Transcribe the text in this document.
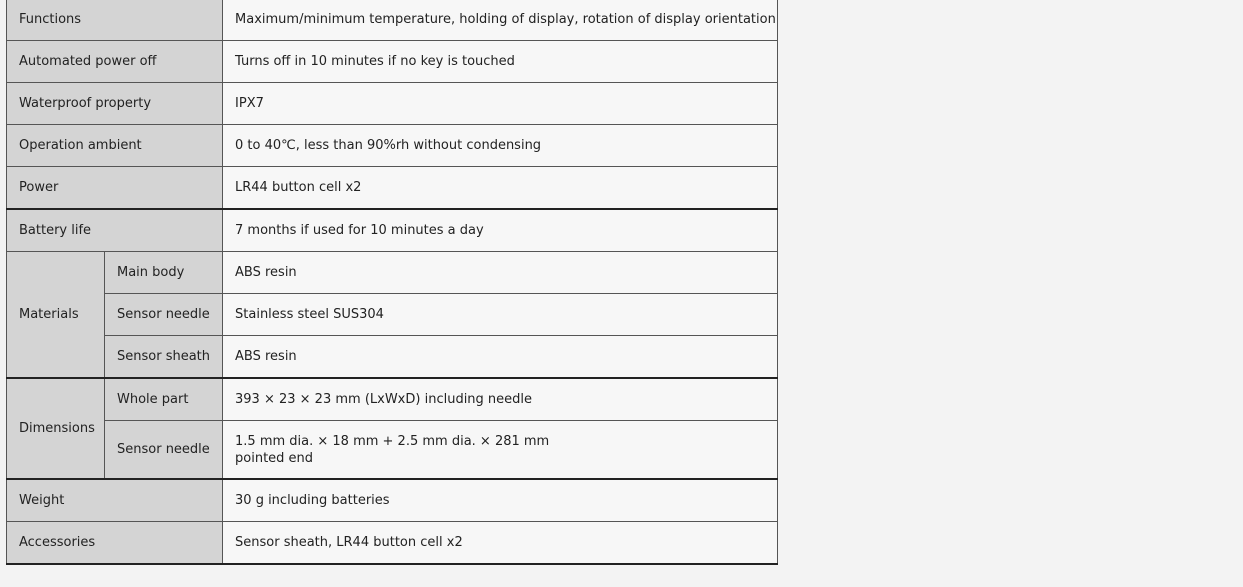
Functions		Maximum/minimum temperature, holding of display, rotation of display orientation
Automated power off		Turns off in 10 minutes if no key is touched
Waterproof property		IPX7
Operation ambient		0 to 40℃, less than 90%rh without condensing
Power		LR44 button cell x2
Battery life		7 months if used for 10 minutes a day
Materials	Main body	ABS resin
	Sensor needle	Stainless steel SUS304
	Sensor sheath	ABS resin
Dimensions	Whole part	393 × 23 × 23 mm (LxWxD) including needle
	Sensor needle	1.5 mm dia. × 18 mm + 2.5 mm dia. × 281 mm
pointed end

Weight		30 g including batteries
Accessories		Sensor sheath, LR44 button cell x2
